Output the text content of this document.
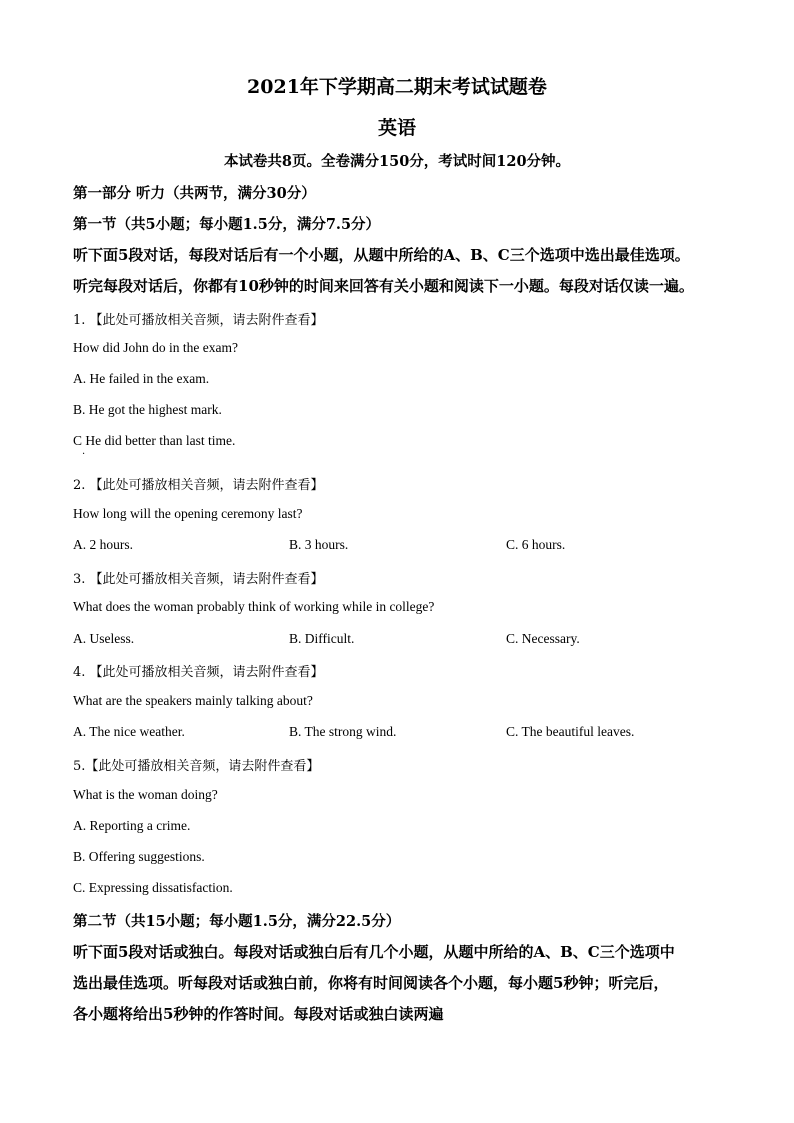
2021年下学期高二期末考试试题卷
英语
本试卷共8页。全卷满分150分，考试时间120分钟。
第一部分 听力（共两节，满分30分）
第一节（共5小题；每小题1.5分，满分7.5分）
听下面5段对话，每段对话后有一个小题，从题中所给的A、B、C三个选项中选出最佳选项。
听完每段对话后，你都有10秒钟的时间来回答有关小题和阅读下一小题。每段对话仅读一遍。
1. 【此处可播放相关音频，请去附件查看】
How did John do in the exam?
A. He failed in the exam.
B. He got the highest mark.
C He did better than last time.
.
2. 【此处可播放相关音频，请去附件查看】
How long will the opening ceremony last?
A. 2 hours.	B. 3 hours.	C. 6 hours.
3. 【此处可播放相关音频，请去附件查看】
What does the woman probably think of working while in college?
A. Useless.	B. Difficult.	C. Necessary.
4. 【此处可播放相关音频，请去附件查看】
What are the speakers mainly talking about?
A. The nice weather.	B. The strong wind.	C. The beautiful leaves.
5.【此处可播放相关音频，请去附件查看】
What is the woman doing?
A. Reporting a crime.
B. Offering suggestions.
C. Expressing dissatisfaction.
第二节（共15小题；每小题1.5分，满分22.5分）
听下面5段对话或独白。每段对话或独白后有几个小题，从题中所给的A、B、C三个选项中
选出最佳选项。听每段对话或独白前，你将有时间阅读各个小题，每小题5秒钟；听完后，
各小题将给出5秒钟的作答时间。每段对话或独白读两遍
